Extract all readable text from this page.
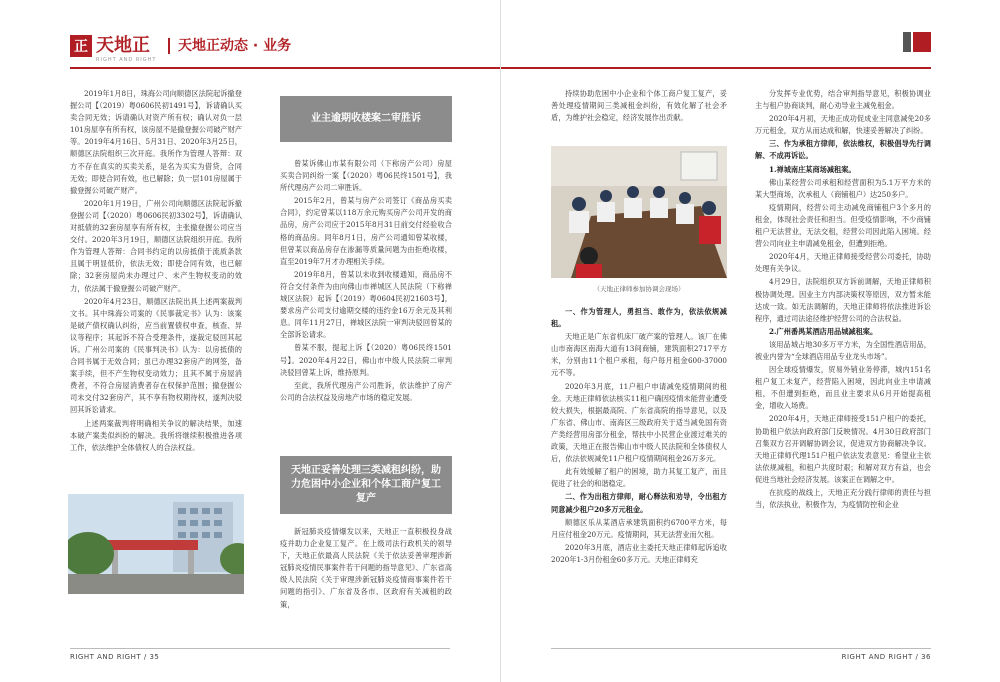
正 天地正
RIGHT AND RIGHT
天地正动态 · 业务

2019年1月8日，珠海公司向顺德区法院起诉撤登握公司【（2019）粤0606民初1491号】，诉请确认买卖合同无效；诉请确认对资产所有权；确认对负一层101房屋享有所有权，该房屋不是撤登握公司破产财产等。2019年4月16日、5月31日、2020年3月25日，顺德区法院组织三次开庭。我所作为管理人答辩：双方不存在真实的买卖关系，是名为买实为借贷，合同无效；即使合同有效，也已解除；负一层101房屋属于撤登握公司破产财产。

2020年1月19日，广州公司向顺德区法院起诉撤登握公司【（2020）粤0606民初3302号】，诉请确认对抵债的32套房屋享有所有权，主张撤登握公司应当交付。2020年3月19日，顺德区法院组织开庭。我所作为管理人答辩：合同书约定的以房抵债于流质条款且属于明显低价，依法无效；即使合同有效，也已解除；32套房屋尚未办理过户、未产生物权变动的效力，依法属于撤登握公司破产财产。

2020年4月23日，顺德区法院出具上述两案裁判文书。其中珠海公司案的《民事裁定书》认为：该案是破产债权确认纠纷，应当前置债权申查，核查、异议等程序；其起诉不符合受理条件，遂裁定驳回其起诉。广州公司案的《民事判决书》认为：以房抵债的合同书属于无效合同；虽已办理32套房产的网签，备案手续，但不产生物权变动效力；且其不属于房屋消费者，不符合房屋消费者存在权保护范围；撤登握公司未交付32套房产，其不享有物权期待权，遂判决驳回其诉讼请求。

上述两案裁判将明确相关争议的解决结果，加速本破产案类似纠纷的解决。我所将继续积极推进各项工作，依法维护全体债权人的合法权益。

业主逾期收楼案二审胜诉

曾某诉佛山市某有限公司（下称房产公司）房屋买卖合同纠纷一案【（2020）粤06民终1501号】，我所代理房产公司二审胜诉。

2015年2月，曾某与房产公司签订《商品房买卖合同》，约定曾某以118万余元购买房产公司开发的商品房，房产公司应于2015年8月31日前交付经验收合格的商品房。同年8月1日，房产公司通知曾某收楼，但曾某以商品房存在渗漏等质量问题为由拒绝收楼，直至2019年7月才办理相关手续。

2019年8月，曾某以未收到收楼通知，商品房不符合交付条件为由向佛山市禅城区人民法院（下称禅城区法院）起诉【（2019）粤0604民初21603号】，要求房产公司支付逾期交楼的违约金16万余元及其利息。同年11月27日，禅城区法院一审判决驳回曾某的全部诉讼请求。

曾某不服，提起上诉【（2020）粤06民终1501号】。2020年4月22日，佛山市中级人民法院二审判决驳回曾某上诉，维持原判。

至此，我所代理房产公司胜诉，依法维护了房产公司的合法权益及房地产市场的稳定发展。

天地正妥善处理三类减租纠纷，助力危困中小企业和个体工商户复工复产

新冠肺炎疫情爆发以来，天地正一直积极投身战疫并助力企业复工复产。在上级司法行政机关的领导下，天地正依最高人民法院《关于依法妥善审理涉新冠肺炎疫情民事案件若干问题的指导意见》、广东省高级人民法院《关于审理涉新冠肺炎疫情商事案件若干问题的指引》、广东省及各市、区政府有关减租的政策，

RIGHT AND RIGHT / 35

持续协助危困中小企业和个体工商户复工复产，妥善处理疫情期间三类减租金纠纷，有效化解了社会矛盾，为维护社会稳定，经济发展作出贡献。

（天地正律师参加协调会现场）

一、作为管理人，勇担当、敢作为，依法依规减租。

天地正是广东省机床厂破产案的管理人。该厂在佛山市南海区南海大道有13间商铺，建筑面积2717平方米，分别由11个租户承租，每户每月租金600-37000元不等。

2020年3月底，11户租户申请减免疫情期间的租金。天地正律师依法核实11租户确因疫情未能营业遭受较大损失，根据最高院、广东省高院的指导意见，以及广东省、佛山市、南海区三级政府关于适当减免国有资产类经营用房部分租金，帮扶中小民营企业渡过难关的政策，天地正在报告佛山市中级人民法院和全体债权人后，依法依规减免11户租户疫情期间租金26万多元。

此有效缓解了租户的困境，助力其复工复产，而且促进了社会的和谐稳定。

二、作为出租方律师，耐心释法和劝导，令出租方同意减少租户20多万元租金。

顺德区乐从某酒店承建筑面积约6700平方米，每月应付租金20万元。疫情期间，其无法营业而欠租。

2020年3月底，酒店业主委托天地正律师起诉追收2020年1-3月份租金60多万元。天地正律师充

分发挥专业优势，结合审判指导意见，积极协调业主与租户协商谈判，耐心劝导业主减免租金。

2020年4月初，天地正成功促成业主同意减免20多万元租金，双方从而达成和解，快速妥善解决了纠纷。

三、作为承租方律师，依法维权，积极倡导先行调解、不成再诉讼。

1.禅城南庄某商场减租案。

佛山某经营公司承租和经营面积为5.1万平方米的某大型商场，次承租人（商铺租户）达250多户。

疫情期间，经营公司主动减免商铺租户3个多月的租金，体现社会责任和担当。但受疫情影响，不少商铺租户无法营业，无法交租，经营公司因此陷入困境。经营公司向业主申请减免租金，但遭到拒绝。

2020年4月，天地正律师接受经营公司委托，协助处理有关争议。

4月29日，法院组织双方诉前调解，天地正律师积极协调处理。因业主方内部决策权等原因，双方暂未能达成一致。如无法调解的，天地正律师将依法推进诉讼程序，通过司法途径维护经营公司的合法权益。

2.广州番禺某酒店用品城减租案。

该用品城占地30多万平方米，为全国性酒店用品，被业内誉为“全球酒店用品专业龙头市场”。

因全球疫情爆发，贸易外销业务停滞，城内151名租户复工未复产，经营陷入困境，因此向业主申请减租，不但遭到拒绝，而且业主要求从6月开始提高租金，增收入场费。

2020年4月，天地正律师接受151户租户的委托，协助租户依法向政府部门反映情况。4月30日政府部门召集双方召开调解协调会议，促进双方协商解决争议。天地正律师代理151户租户依法发表意见：希望业主依法依规减租，和租户共度时艰；和解对双方有益，也会促进当地社会经济发展。该案正在调解之中。

在抗疫的战线上，天地正充分践行律师的责任与担当，依法执业，积极作为，为疫情防控和企业

RIGHT AND RIGHT / 36
